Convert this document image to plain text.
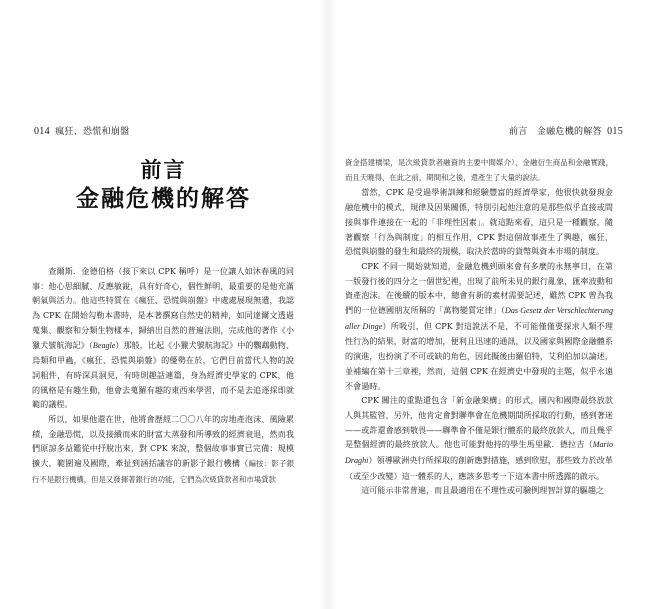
014 瘋狂、恐慌和崩盤
前言
金融危機的解答

查爾斯．金德伯格（接下來以 CPK 稱呼）是一位讓人如沐春風的同事：他心思細膩、反應敏銳，具有好奇心，個性鮮明，最重要的是他充滿朝氣與活力。他這些特質在《瘋狂、恐慌與崩盤》中處處展現無遺，我認為 CPK 在開始勾勒本書時，是本著撰寫自然史的精神，如同達爾文透過蒐集、觀察和分類生物樣本，歸納出自然的普遍法則，完成他的著作《小獵犬號航海記》（Beagle）那般，比起《小獵犬號航海記》中的鸚鵡動物、烏類和甲蟲，《瘋狂、恐慌與崩盤》的優勢在於，它們目前當代人物的說詞粗件，有時深具洞見，有時則趣話連篇，身為經濟史學家的 CPK，他的風格是有趣生動，他會去蒐羅有趣的東西來學習，而不是去追逐採即就範的議程。

所以，如果他還在世，他將會歷經二〇〇八年的房地產泡沫、風險累積，金融恐慌，以及接續而來的財富大蒸發和所導致的經濟衰退，然而我們原諒多益鑑從中抒脫出來，對 CPK 來說，整個故事事實已完備：規模擴大，範圍遍及國際，牽扯到涵括議容的新影子銀行機構（編按：影子銀行不是銀行機構，但是又發揮著銀行的功能，它們為次級貸款者和市場貸款

前言　金融危機的解答 015

資金搭建橋梁，是次級貸款者融資的主要中間媒介）、金融衍生商品和金融實踐，而且天曉得，在此之前，期間和之後，還產生了大量的說法。

當然，CPK 是受過學術訓練和經驗豐富的經濟學家，他很快就發現金融危機中的模式，規律及因果關係，特別引起他注意的是那些似乎直接或間接與事件連接在一起的「非理性因素」。就這點來看，這只是一種觀察，隨著觀察「行為與制度」的相互作用，CPK 對這個故事產生了興趣，瘋狂，恐慌與崩盤的發生和最終的規模，取決於當時的貨幣與資本市場的制度。

CPK 不同一閱始就知道，金融危機到頭來會有多麼的永無寧日，在第一版發行後的四分之一個世紀裡，出現了前所未見的銀行亂象，匯率波動和資產泡沫。在後續的版本中，總會有新的素材需要記述，雖然 CPK 曾為我們的一位德國朋友所稱的「萬物變質定律」（Das Gesetz der Verschlechterung aller Dinge）所吸引，但 CPK 對這說法不是，不可能僅僅要探求人類不理性行為的結果，財富的增加，便利且迅速的通訊，以及國家與國際金融體系的演進，也扮演了不可或缺的角色，因此擬後由羅伯特，艾利伯加以論述，並補編在第十三章裡，然而，這個 CPK 在經濟史中發現的主題，似乎永遠不會過時。

CPK 關注的重點還包含「新金融架構」的形式，國內和國際最終放款人與其監管，另外，他肯定會對聯準會在危機期間所採取的行動，感到著迷——或許還會感到敬畏——聯準會不僅是銀行體系的最終放款人，而且幾乎是整個經濟的最終放款人。他也可能對他持的學生馬里歐．德拉吉（Mario Draghi）領導歐洲央行所採取的創新應對措施，感到欣慰，那些致力於改革（或至少改變）這一體系的人，應該多思考一下這本書中所透露的啟示。

這可能示非常普遍，而且最適用在不理性或可驗例理智計算的驅趨之
